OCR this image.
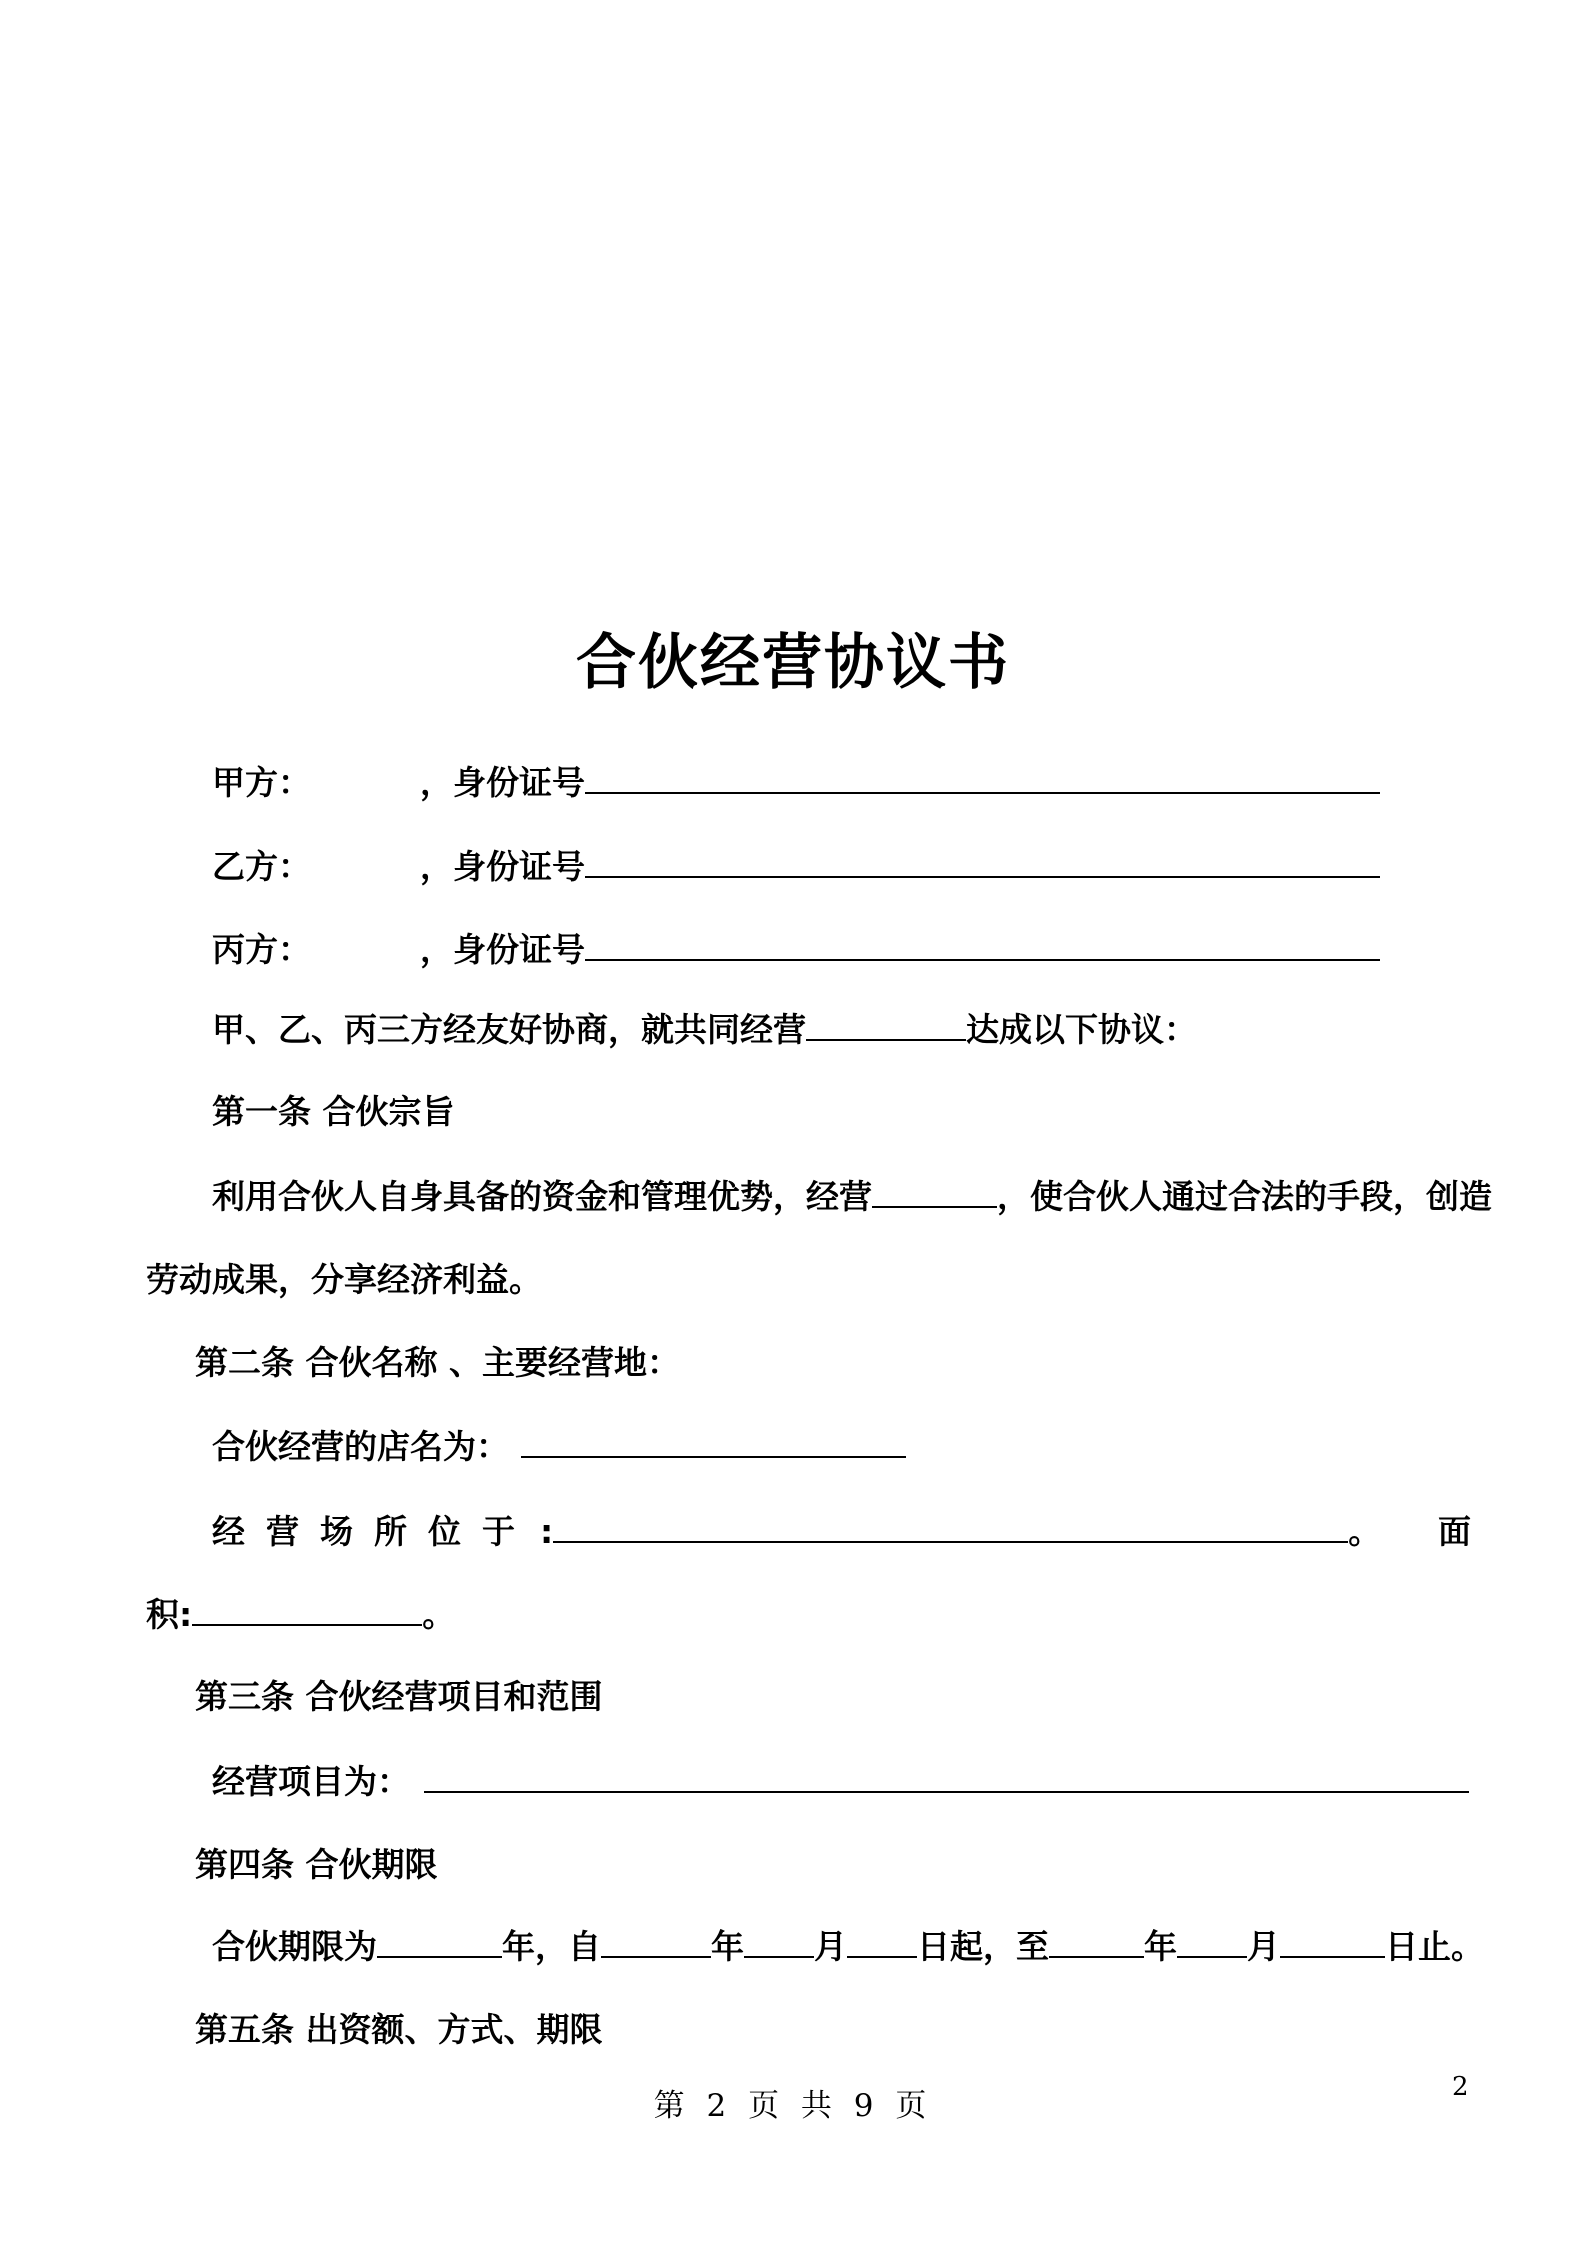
合伙经营协议书
甲方：	，身份证号
乙方：	，身份证号
丙方：	，身份证号
甲、乙、丙三方经友好协商，就共同经营	达成以下协议：
第一条 合伙宗旨
利用合伙人自身具备的资金和管理优势，经营	，使合伙人通过合法的手段，创造
劳动成果，分享经济利益。
第二条 合伙名称 、主要经营地：
合伙经营的店名为：
经 营 场 所 位 于 :	。 面
积:	。
第三条 合伙经营项目和范围
经营项目为：
第四条 合伙期限
合伙期限为	年，自	年 月 日起，至	年 月	日止。
第五条 出资额、方式、期限
第 2 页 共 9 页
2
